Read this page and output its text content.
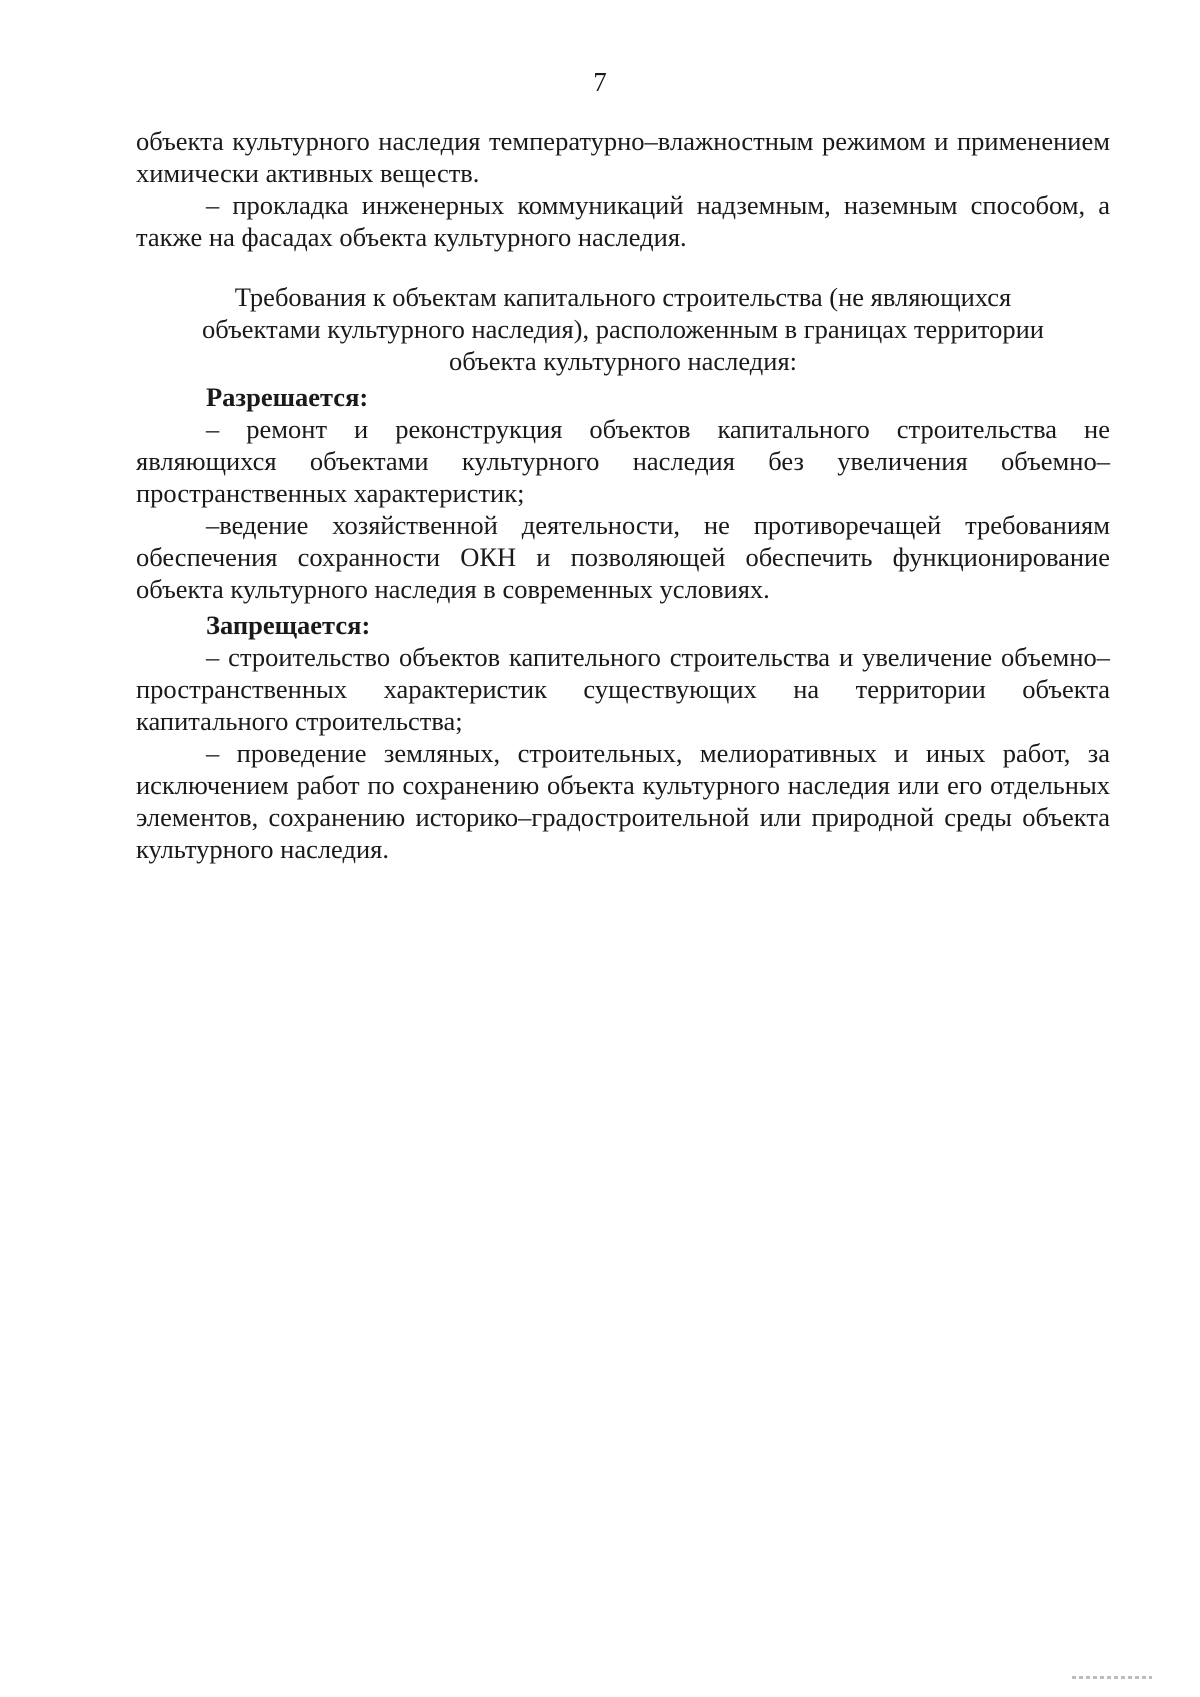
7

объекта культурного наследия температурно–влажностным режимом и применением химически активных веществ.

– прокладка инженерных коммуникаций надземным, наземным способом, а также на фасадах объекта культурного наследия.

Требования к объектам капитального строительства (не являющихся объектами культурного наследия), расположенным в границах территории объекта культурного наследия:

Разрешается:

– ремонт и реконструкция объектов капитального строительства не являющихся объектами культурного наследия без увеличения объемно–пространственных характеристик;

–ведение хозяйственной деятельности, не противоречащей требованиям обеспечения сохранности ОКН и позволяющей обеспечить функционирование объекта культурного наследия в современных условиях.

Запрещается:

– строительство объектов капительного строительства и увеличение объемно–пространственных характеристик существующих на территории объекта капитального строительства;

– проведение земляных, строительных, мелиоративных и иных работ, за исключением работ по сохранению объекта культурного наследия или его отдельных элементов, сохранению историко–градостроительной или природной среды объекта культурного наследия.
